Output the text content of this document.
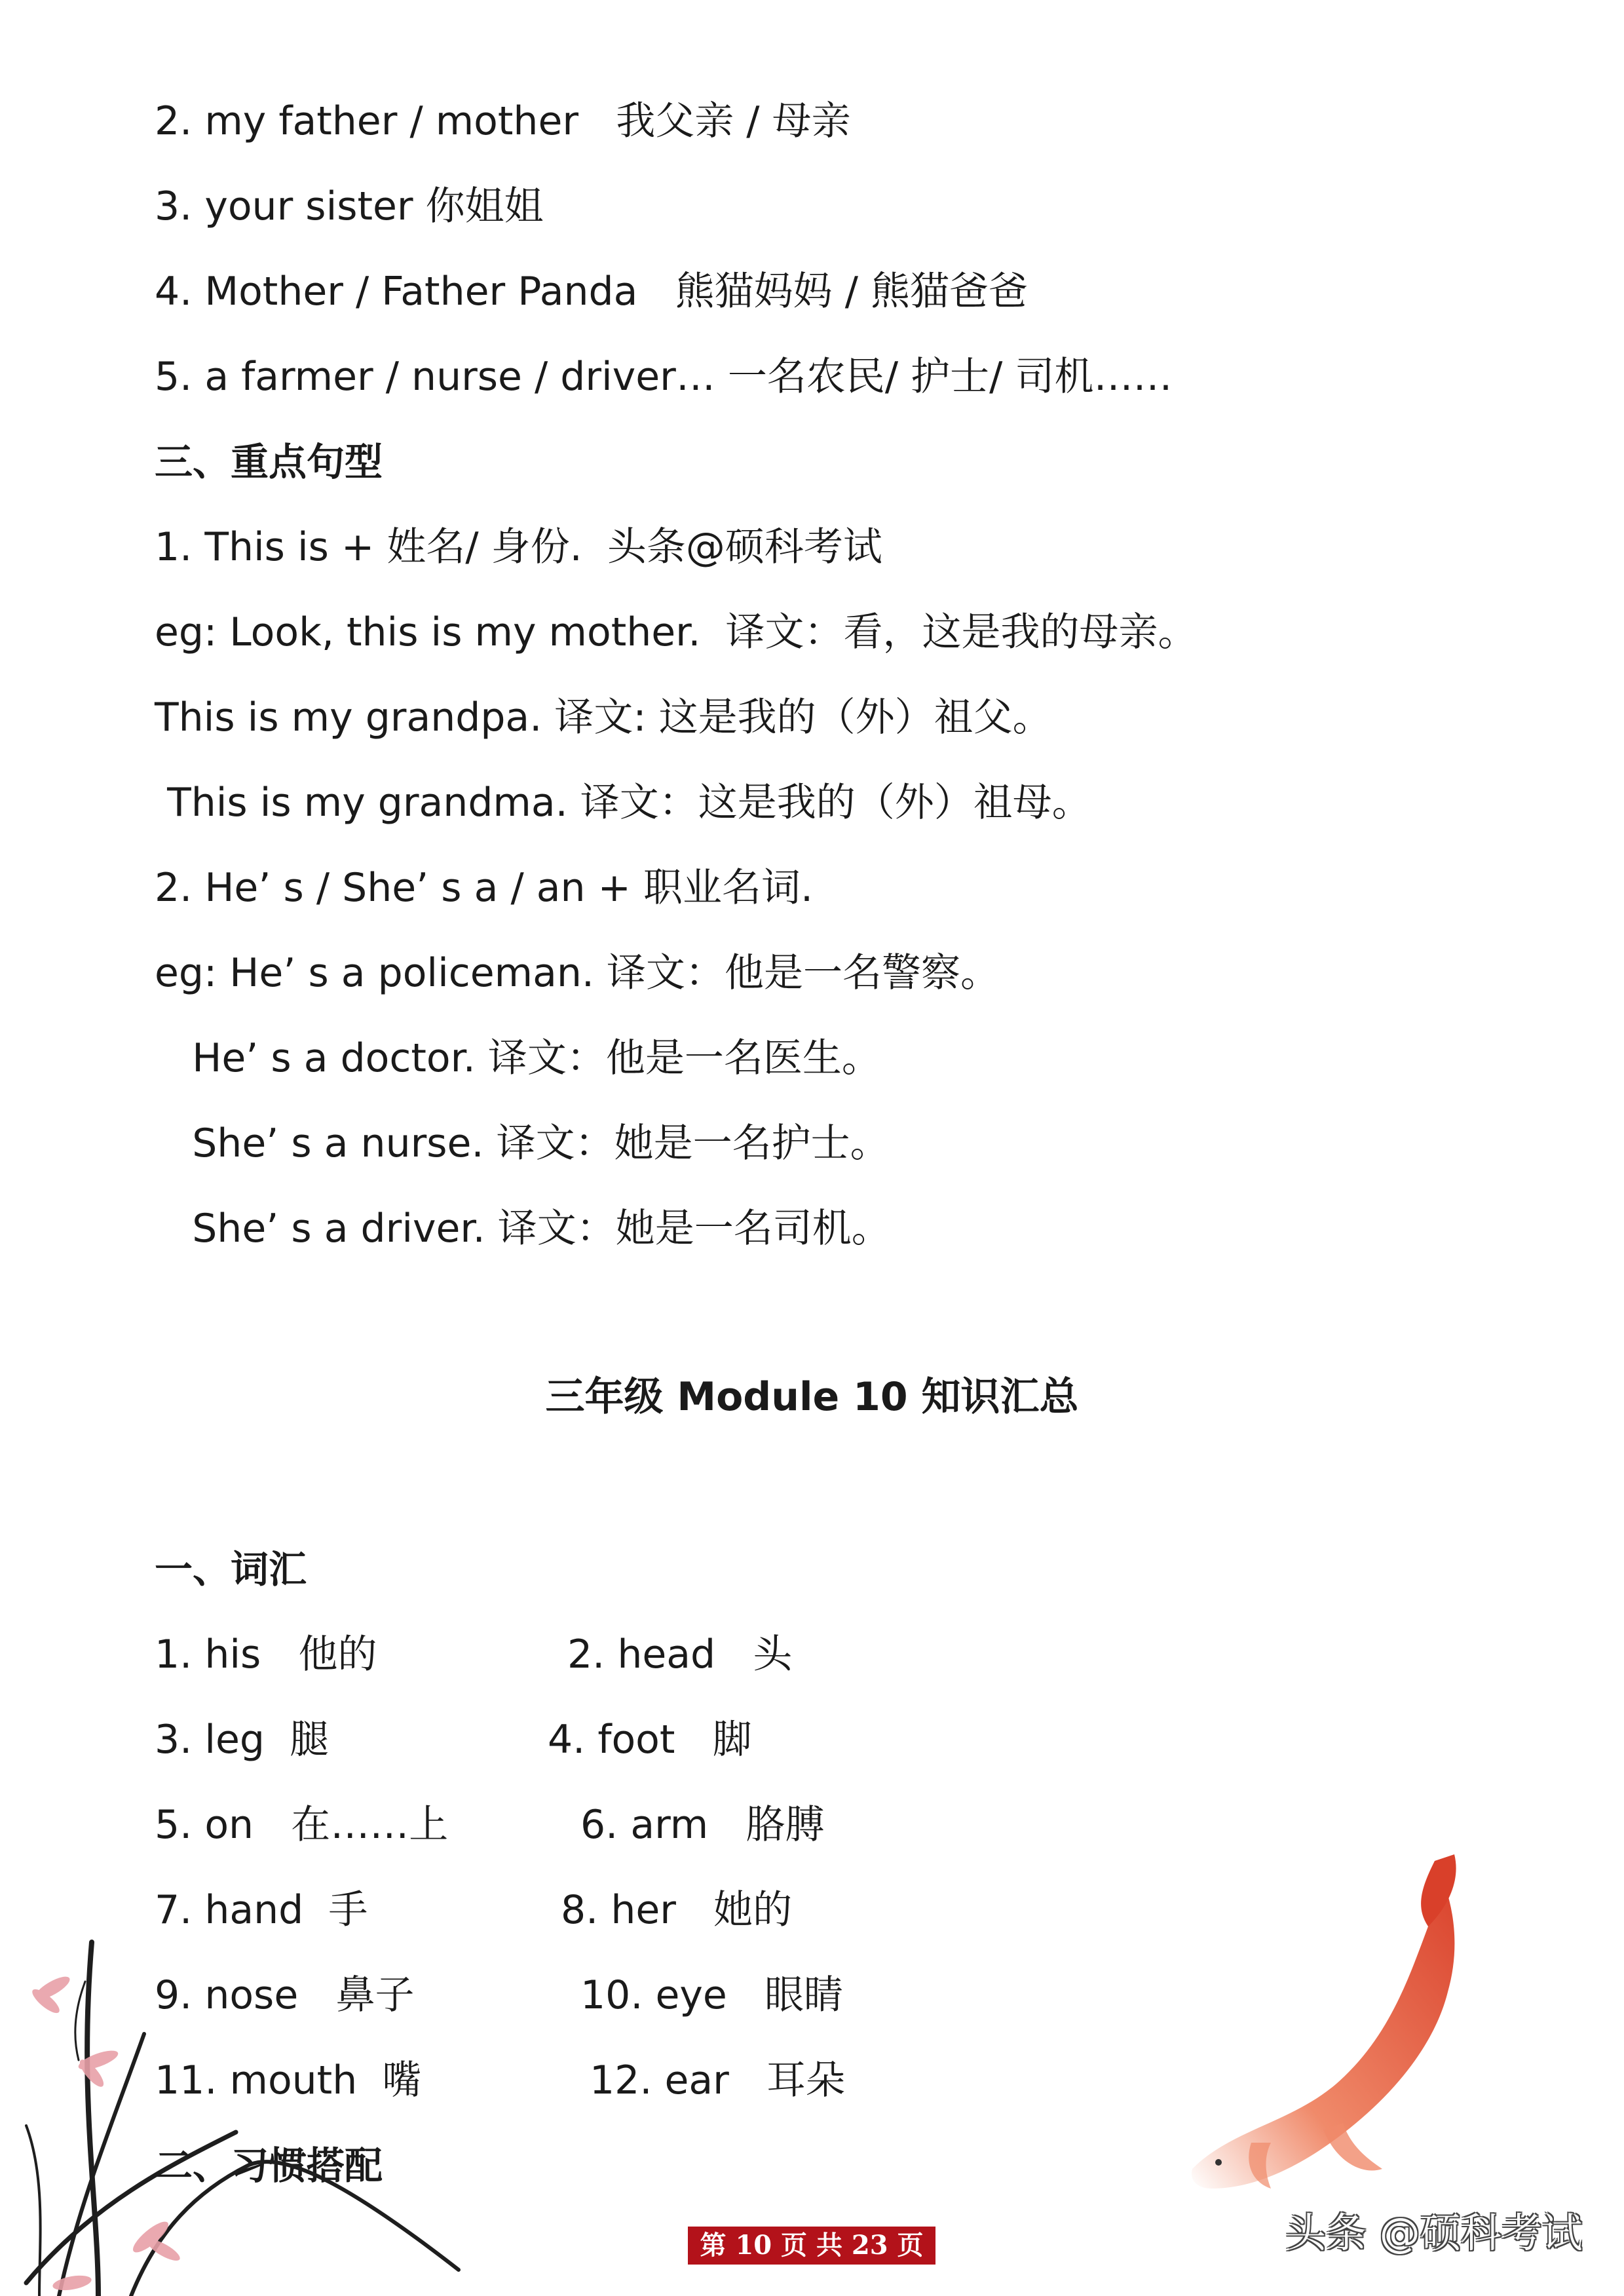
2. my father / mother   我父亲 / 母亲
3. your sister 你姐姐
4. Mother / Father Panda   熊猫妈妈 / 熊猫爸爸
5. a farmer / nurse / driver… 一名农民/ 护士/ 司机……
三、重点句型
1. This is + 姓名/ 身份.  头条@硕科考试
eg: Look, this is my mother.  译文：看，这是我的母亲。
This is my grandpa. 译文: 这是我的（外）祖父。
This is my grandma. 译文：这是我的（外）祖母。
2. He’ s / She’ s a / an + 职业名词.
eg: He’ s a policeman. 译文：他是一名警察。
He’ s a doctor. 译文：他是一名医生。
She’ s a nurse. 译文：她是一名护士。
She’ s a driver. 译文：她是一名司机。
三年级 Module 10 知识汇总
一、词汇
1. his   他的	2. head   头
3. leg  腿	4. foot   脚
5. on   在……上	6. arm   胳膊
7. hand  手	8. her   她的
9. nose   鼻子	10. eye   眼睛
11. mouth  嘴	12. ear   耳朵
二、习惯搭配
第 10 页 共 23 页	头条 @硕科考试
